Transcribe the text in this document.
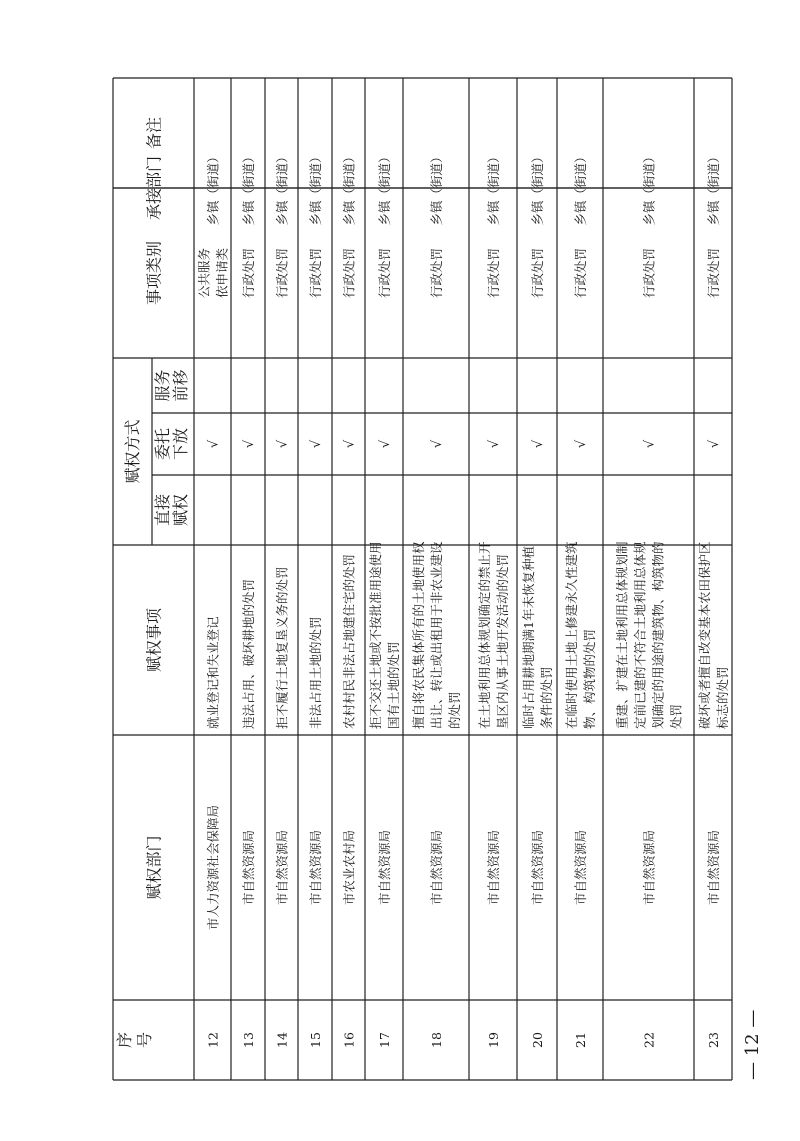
序 号
赋权部门
赋权事项
赋权方式
直接 赋权
委托 下放
服务 前移
事项类别
承接部门
备注
12
市人力资源社会保障局
就业登记和失业登记
√
公共服务 依申请类
乡镇（街道）
13
市自然资源局
违法占用、破坏耕地的处罚
√
行政处罚
乡镇（街道）
14
市自然资源局
拒不履行土地复垦义务的处罚
√
行政处罚
乡镇（街道）
15
市自然资源局
非法占用土地的处罚
√
行政处罚
乡镇（街道）
16
市农业农村局
农村村民非法占地建住宅的处罚
√
行政处罚
乡镇（街道）
17
市自然资源局
拒不交还土地或不按批准用途使用 国有土地的处罚
√
行政处罚
乡镇（街道）
18
市自然资源局
擅自将农民集体所有的土地使用权 出让、转让或出租用于非农业建设 的处罚
√
行政处罚
乡镇（街道）
19
市自然资源局
在土地利用总体规划确定的禁止开 垦区内从事土地开发活动的处罚
√
行政处罚
乡镇（街道）
20
市自然资源局
临时占用耕地期满1年未恢复种植 条件的处罚
√
行政处罚
乡镇（街道）
21
市自然资源局
在临时使用土地上修建永久性建筑 物、构筑物的处罚
√
行政处罚
乡镇（街道）
22
市自然资源局
重建、扩建在土地利用总体规划制 定前已建的不符合土地利用总体规 划确定的用途的建筑物、构筑物的 处罚
√
行政处罚
乡镇（街道）
23
市自然资源局
破坏或者擅自改变基本农田保护区 标志的处罚
√
行政处罚
乡镇（街道）
— 12 —
